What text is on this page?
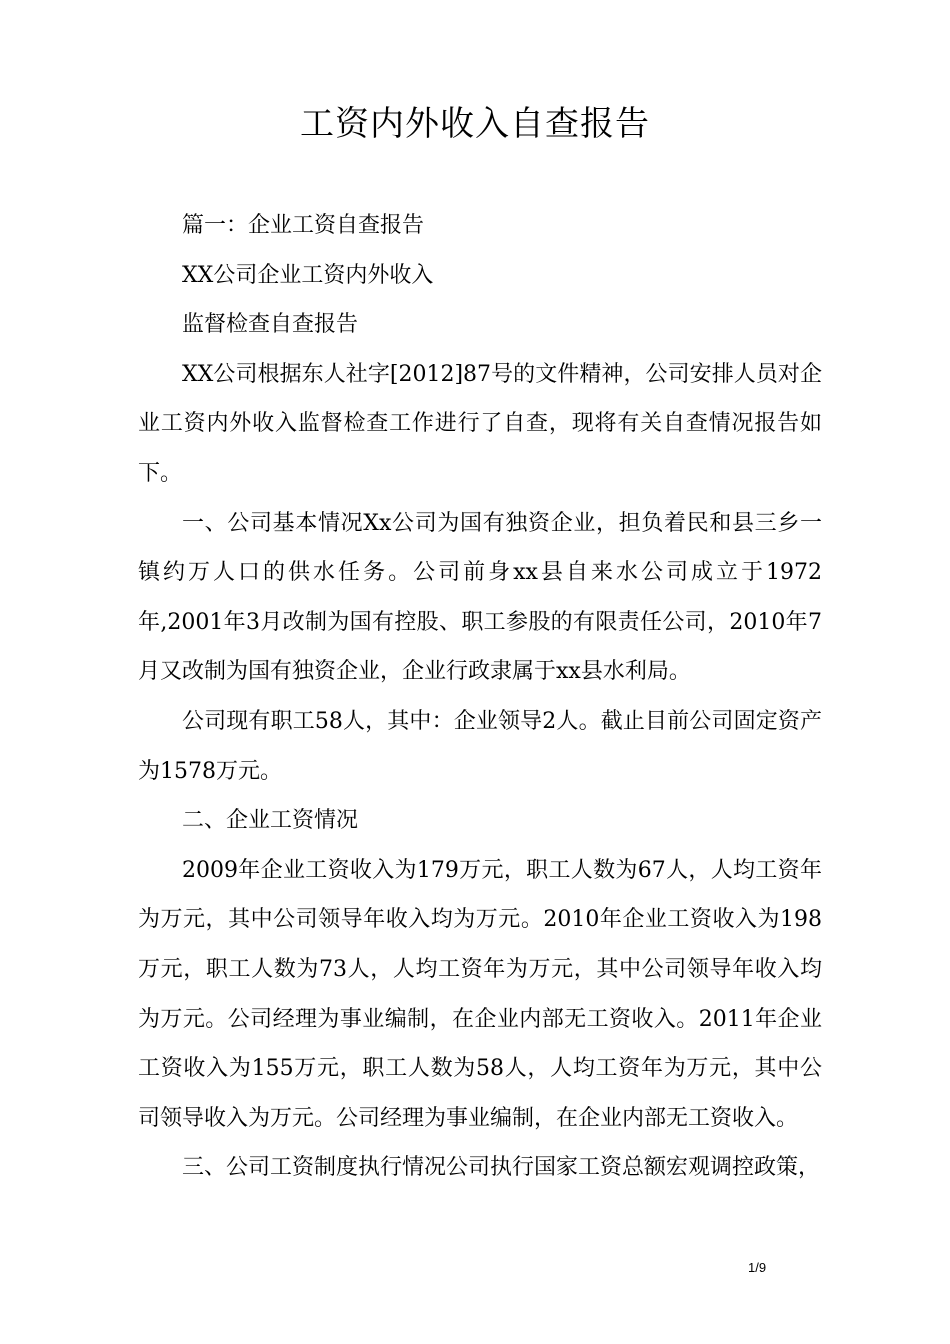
工资内外收入自查报告

篇一：企业工资自查报告

XX公司企业工资内外收入

监督检查自查报告

XX公司根据东人社字[2012]87号的文件精神，公司安排人员对企业工资内外收入监督检查工作进行了自查，现将有关自查情况报告如下。

一、公司基本情况Xx公司为国有独资企业，担负着民和县三乡一镇约万人口的供水任务。公司前身xx县自来水公司成立于1972年,2001年3月改制为国有控股、职工参股的有限责任公司，2010年7月又改制为国有独资企业，企业行政隶属于xx县水利局。

公司现有职工58人，其中：企业领导2人。截止目前公司固定资产为1578万元。

二、企业工资情况

2009年企业工资收入为179万元，职工人数为67人，人均工资年为万元，其中公司领导年收入均为万元。2010年企业工资收入为198万元，职工人数为73人，人均工资年为万元，其中公司领导年收入均为万元。公司经理为事业编制，在企业内部无工资收入。2011年企业工资收入为155万元，职工人数为58人，人均工资年为万元，其中公司领导收入为万元。公司经理为事业编制，在企业内部无工资收入。

三、公司工资制度执行情况公司执行国家工资总额宏观调控政策，

1/9
